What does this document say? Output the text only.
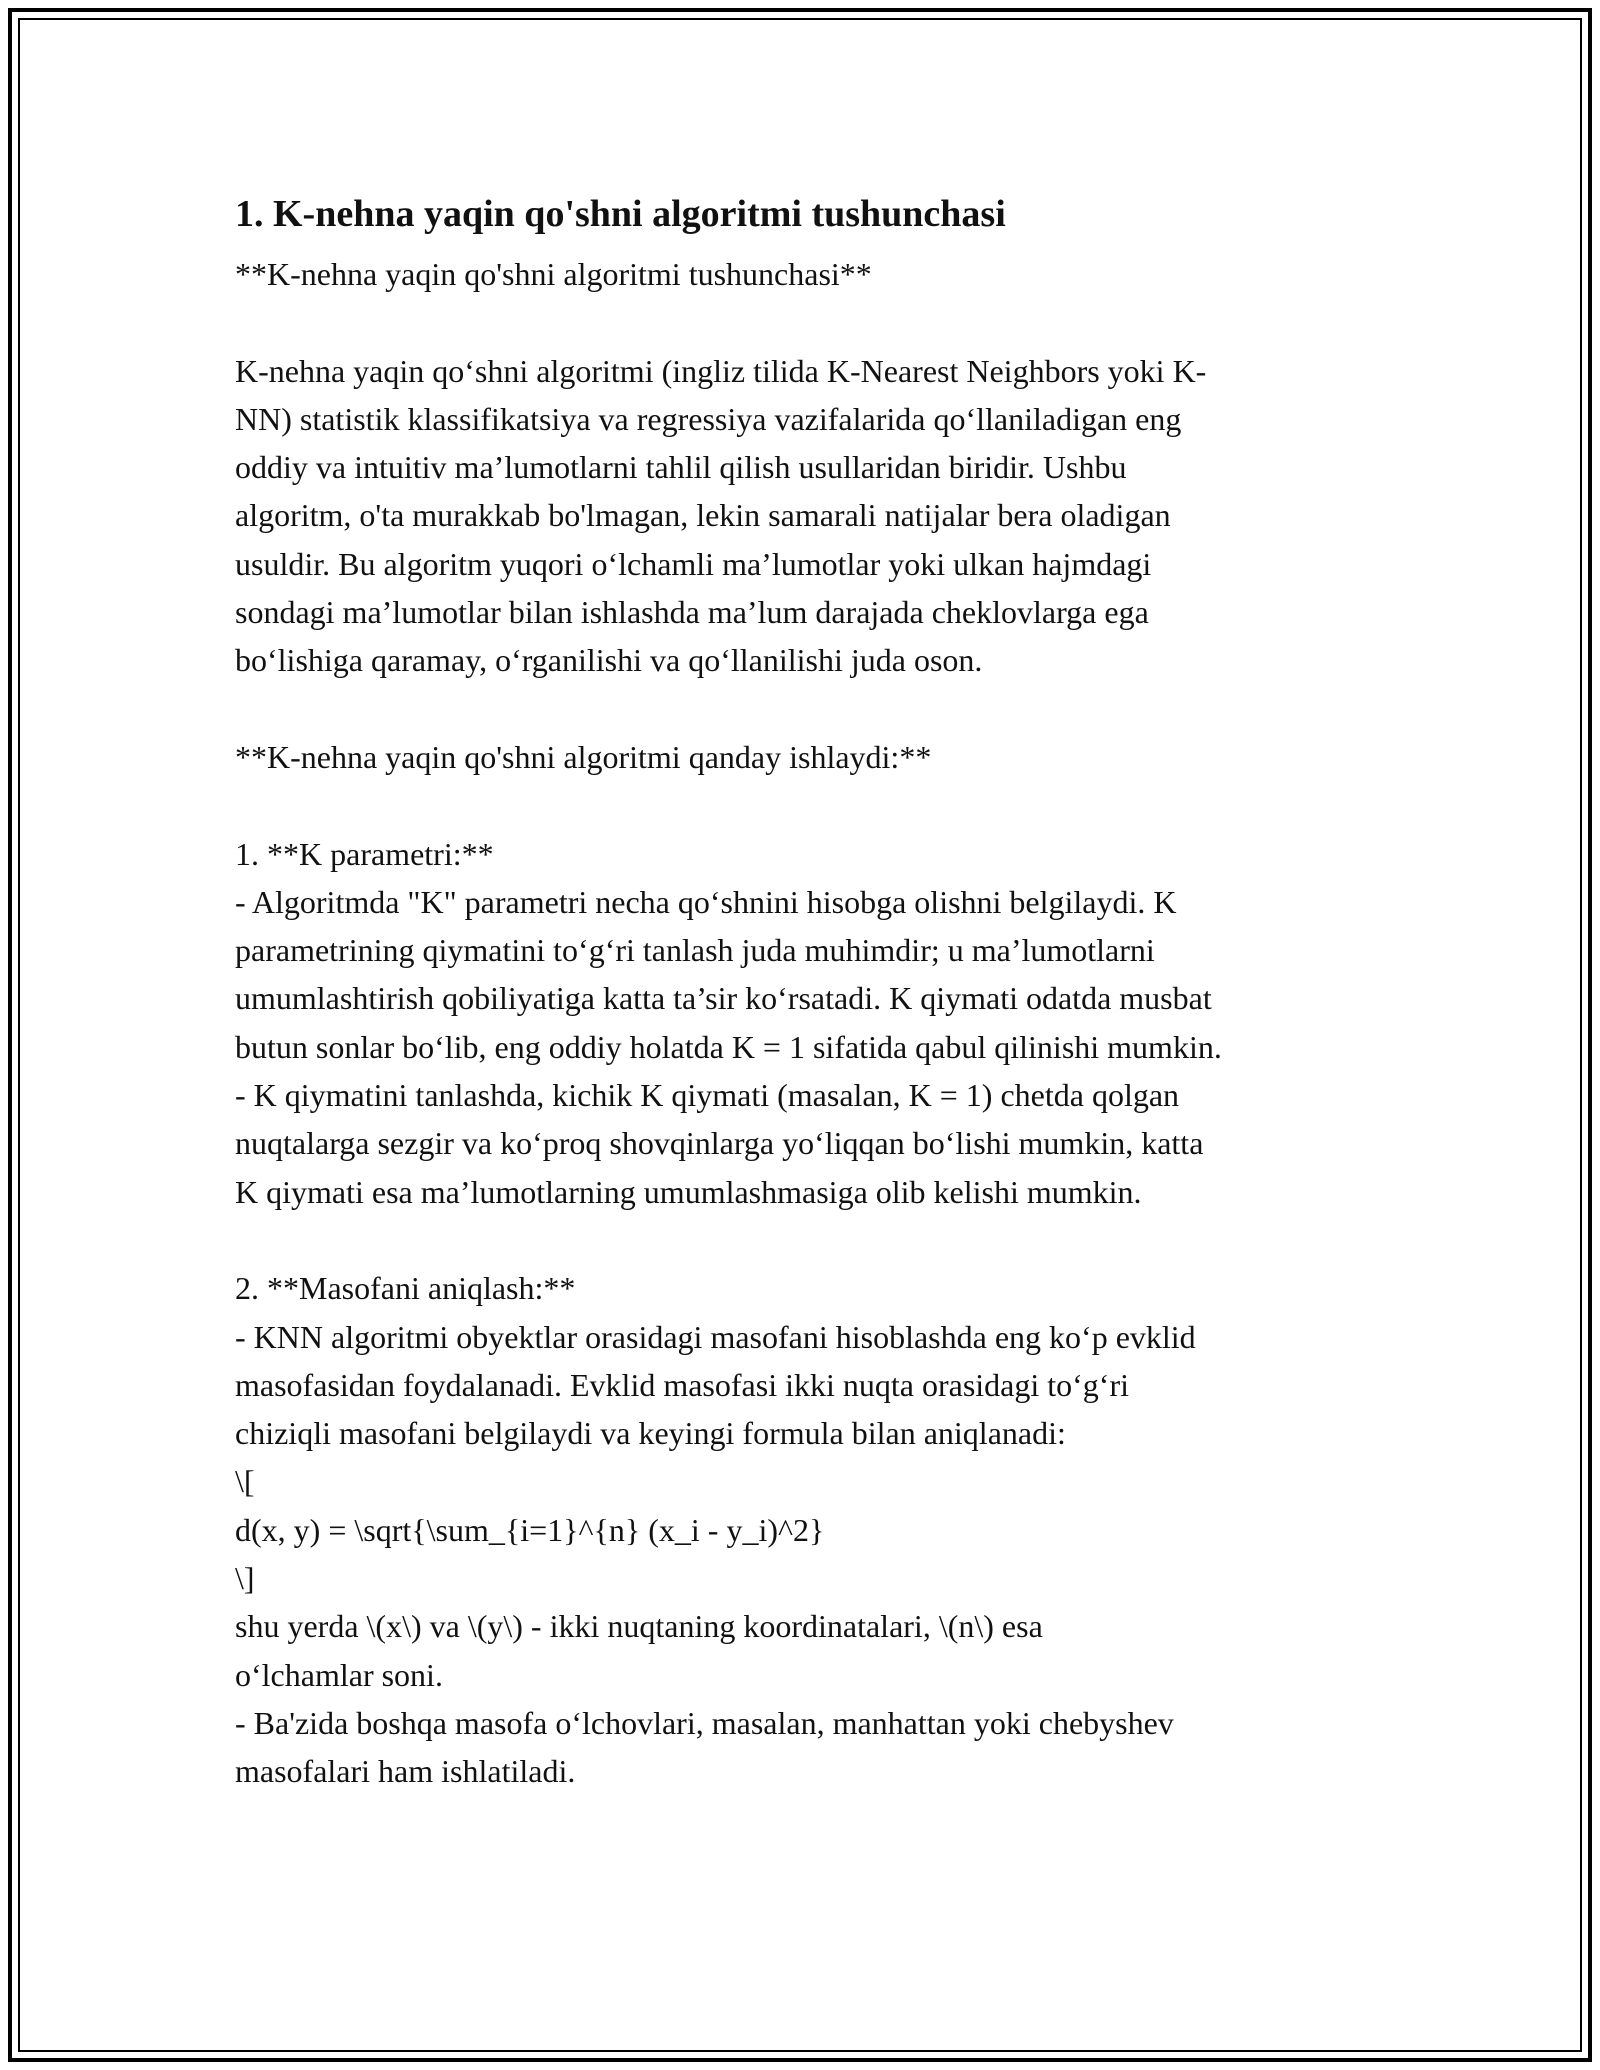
1. K-nehna yaqin qo'shni algoritmi tushunchasi
**K-nehna yaqin qo'shni algoritmi tushunchasi**

K-nehna yaqin qo‘shni algoritmi (ingliz tilida K-Nearest Neighbors yoki K-
NN) statistik klassifikatsiya va regressiya vazifalarida qo‘llaniladigan eng
oddiy va intuitiv ma’lumotlarni tahlil qilish usullaridan biridir. Ushbu
algoritm, o'ta murakkab bo'lmagan, lekin samarali natijalar bera oladigan
usuldir. Bu algoritm yuqori o‘lchamli ma’lumotlar yoki ulkan hajmdagi
sondagi ma’lumotlar bilan ishlashda ma’lum darajada cheklovlarga ega
bo‘lishiga qaramay, o‘rganilishi va qo‘llanilishi juda oson.

**K-nehna yaqin qo'shni algoritmi qanday ishlaydi:**

1. **K parametri:**
- Algoritmda "K" parametri necha qo‘shnini hisobga olishni belgilaydi. K
parametrining qiymatini to‘g‘ri tanlash juda muhimdir; u ma’lumotlarni
umumlashtirish qobiliyatiga katta ta’sir ko‘rsatadi. K qiymati odatda musbat
butun sonlar bo‘lib, eng oddiy holatda K = 1 sifatida qabul qilinishi mumkin.
- K qiymatini tanlashda, kichik K qiymati (masalan, K = 1) chetda qolgan
nuqtalarga sezgir va ko‘proq shovqinlarga yo‘liqqan bo‘lishi mumkin, katta
K qiymati esa ma’lumotlarning umumlashmasiga olib kelishi mumkin.

2. **Masofani aniqlash:**
- KNN algoritmi obyektlar orasidagi masofani hisoblashda eng ko‘p evklid
masofasidan foydalanadi. Evklid masofasi ikki nuqta orasidagi to‘g‘ri
chiziqli masofani belgilaydi va keyingi formula bilan aniqlanadi:
\[
d(x, y) = \sqrt{\sum_{i=1}^{n} (x_i - y_i)^2}
\]
shu yerda \(x\) va \(y\) - ikki nuqtaning koordinatalari, \(n\) esa
o‘lchamlar soni.
- Ba'zida boshqa masofa o‘lchovlari, masalan, manhattan yoki chebyshev
masofalari ham ishlatiladi.
